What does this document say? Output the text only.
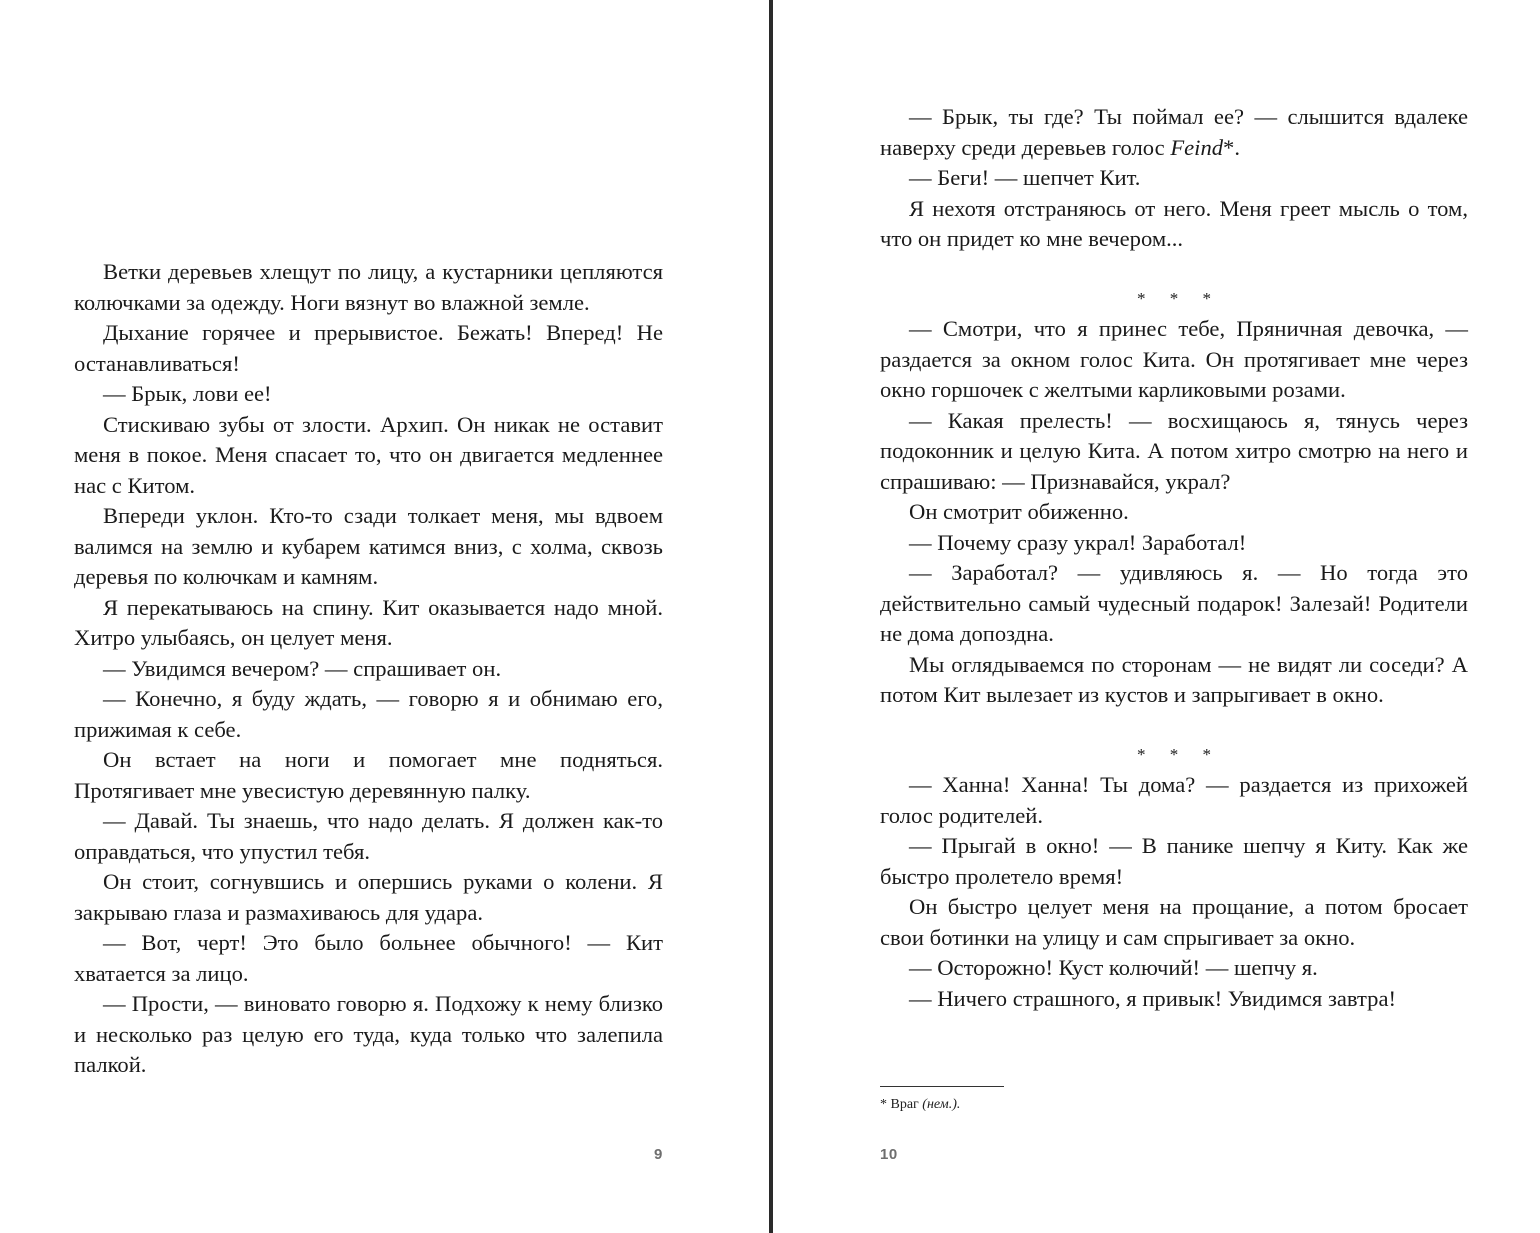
Ветки деревьев хлещут по лицу, а кустарники цепляются колючками за одежду. Ноги вязнут во влажной земле.

Дыхание горячее и прерывистое. Бежать! Вперед! Не останавливаться!

— Брык, лови ее!

Стискиваю зубы от злости. Архип. Он никак не оставит меня в покое. Меня спасает то, что он двигается медленнее нас с Китом.

Впереди уклон. Кто-то сзади толкает меня, мы вдвоем валимся на землю и кубарем катимся вниз, с холма, сквозь деревья по колючкам и камням.

Я перекатываюсь на спину. Кит оказывается надо мной. Хитро улыбаясь, он целует меня.

— Увидимся вечером? — спрашивает он.

— Конечно, я буду ждать, — говорю я и обнимаю его, прижимая к себе.

Он встает на ноги и помогает мне подняться. Протягивает мне увесистую деревянную палку.

— Давай. Ты знаешь, что надо делать. Я должен как-то оправдаться, что упустил тебя.

Он стоит, согнувшись и опершись руками о колени. Я закрываю глаза и размахиваюсь для удара.

— Вот, черт! Это было больнее обычного! — Кит хватается за лицо.

— Прости, — виновато говорю я. Подхожу к нему близко и несколько раз целую его туда, куда только что залепила палкой.

9

— Брык, ты где? Ты поймал ее? — слышится вдалеке наверху среди деревьев голос Feind*.

— Беги! — шепчет Кит.

Я нехотя отстраняюсь от него. Меня греет мысль о том, что он придет ко мне вечером...

* * *

— Смотри, что я принес тебе, Пряничная девочка, — раздается за окном голос Кита. Он протягивает мне через окно горшочек с желтыми карликовыми розами.

— Какая прелесть! — восхищаюсь я, тянусь через подоконник и целую Кита. А потом хитро смотрю на него и спрашиваю: — Признавайся, украл?

Он смотрит обиженно.

— Почему сразу украл! Заработал!

— Заработал? — удивляюсь я. — Но тогда это действительно самый чудесный подарок! Залезай! Родители не дома допоздна.

Мы оглядываемся по сторонам — не видят ли соседи? А потом Кит вылезает из кустов и запрыгивает в окно.

* * *

— Ханна! Ханна! Ты дома? — раздается из прихожей голос родителей.

— Прыгай в окно! — В панике шепчу я Киту. Как же быстро пролетело время!

Он быстро целует меня на прощание, а потом бросает свои ботинки на улицу и сам спрыгивает за окно.

— Осторожно! Куст колючий! — шепчу я.

— Ничего страшного, я привык! Увидимся завтра!

* Враг (нем.).
10
